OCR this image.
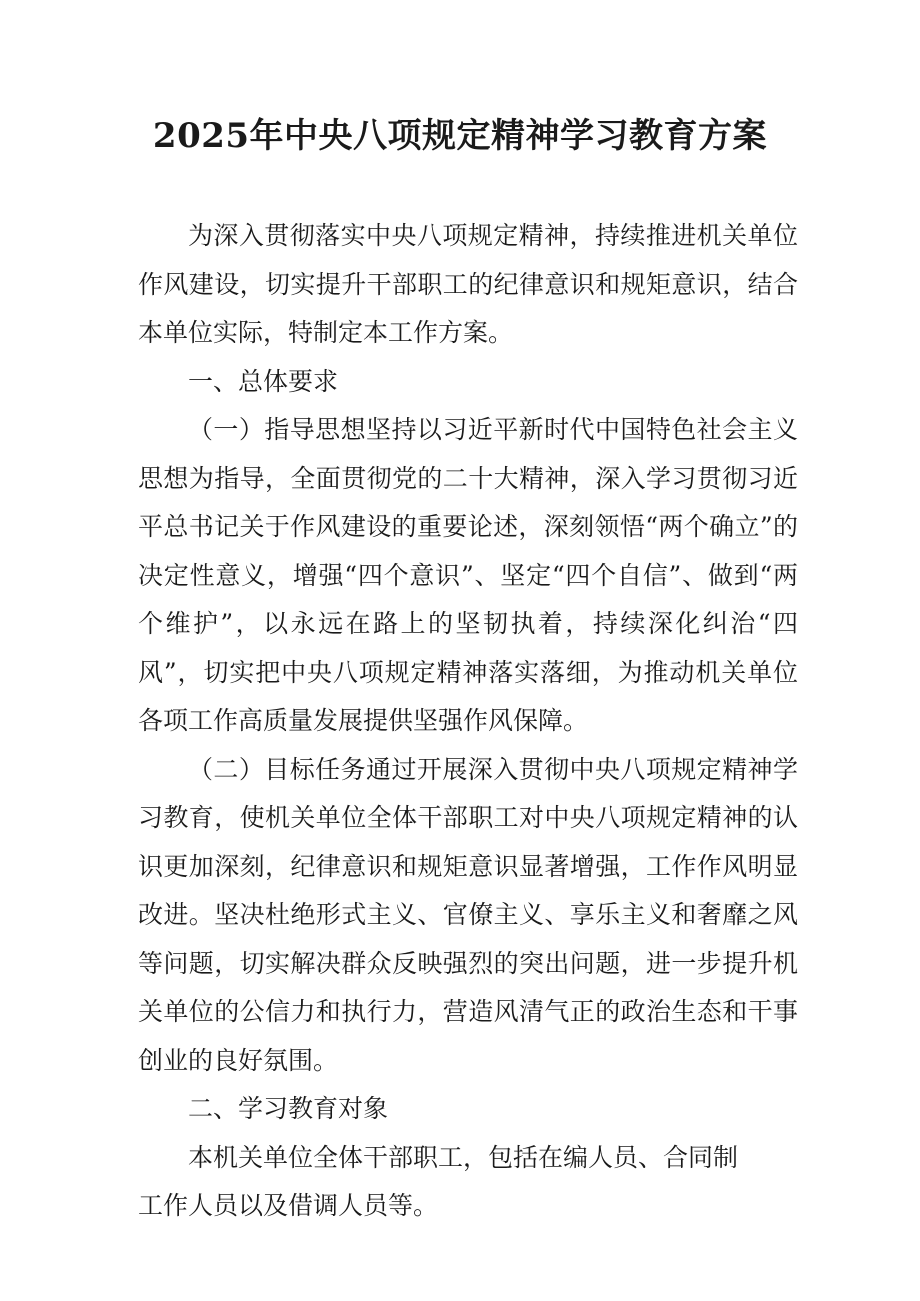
2025年中央八项规定精神学习教育方案

为深入贯彻落实中央八项规定精神，持续推进机关单位作风建设，切实提升干部职工的纪律意识和规矩意识，结合本单位实际，特制定本工作方案。

一、总体要求

（一）指导思想坚持以习近平新时代中国特色社会主义思想为指导，全面贯彻党的二十大精神，深入学习贯彻习近平总书记关于作风建设的重要论述，深刻领悟“两个确立”的决定性意义，增强“四个意识”、坚定“四个自信”、做到“两个维护”，以永远在路上的坚韧执着，持续深化纠治“四风”，切实把中央八项规定精神落实落细，为推动机关单位各项工作高质量发展提供坚强作风保障。

（二）目标任务通过开展深入贯彻中央八项规定精神学习教育，使机关单位全体干部职工对中央八项规定精神的认识更加深刻，纪律意识和规矩意识显著增强，工作作风明显改进。坚决杜绝形式主义、官僚主义、享乐主义和奢靡之风等问题，切实解决群众反映强烈的突出问题，进一步提升机关单位的公信力和执行力，营造风清气正的政治生态和干事创业的良好氛围。

二、学习教育对象

本机关单位全体干部职工，包括在编人员、合同制工作人员以及借调人员等。
